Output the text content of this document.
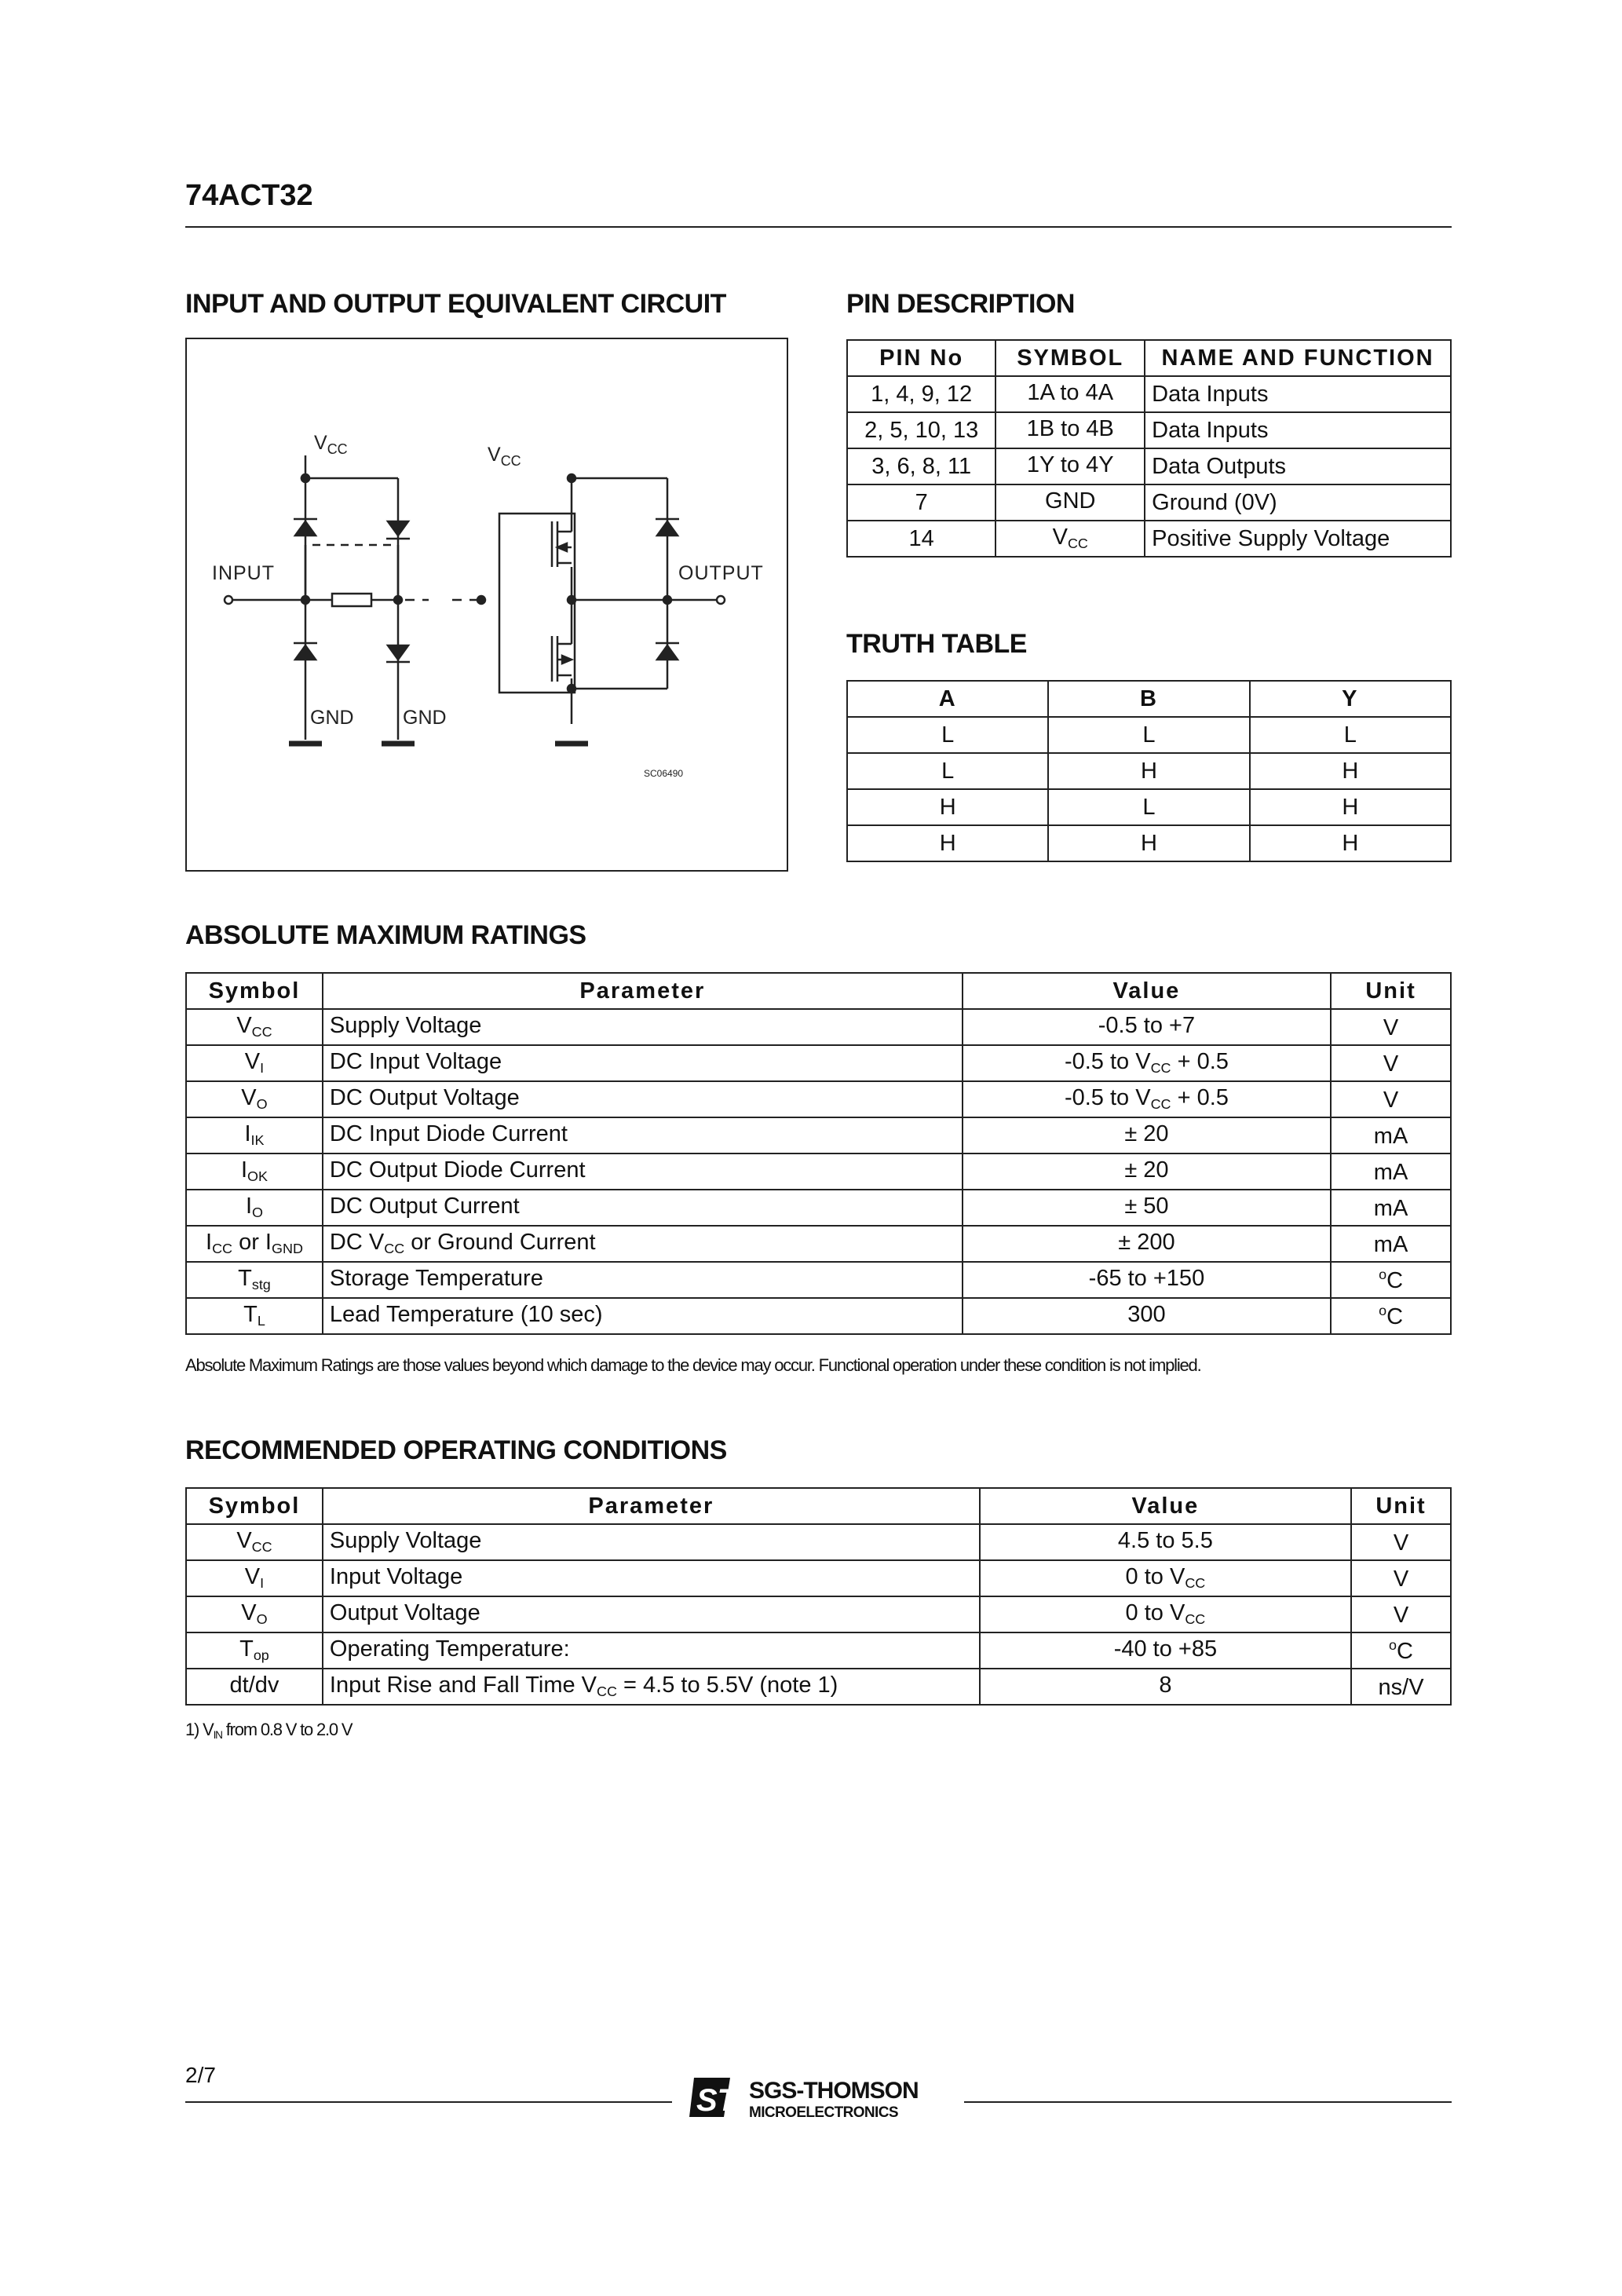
74ACT32
INPUT AND OUTPUT EQUIVALENT CIRCUIT
$V_{CC}$	$V_{CC}$
INPUT	OUTPUT
GND GND
SC06490
PIN DESCRIPTION
PIN No	SYMBOL	NAME AND FUNCTION
1, 4, 9, 12	1A to 4A	Data Inputs
2, 5, 10, 13	1B to 4B	Data Inputs
3, 6, 8, 11	1Y to 4Y	Data Outputs
7	GND	Ground (0V)
14	$V_{CC}$	Positive Supply Voltage
TRUTH TABLE
A	B	Y
L	L	L
L	H	H
H	L	H
H	H	H
ABSOLUTE MAXIMUM RATINGS
Symbol	Parameter	Value	Unit
$V_{CC}$	Supply Voltage	-0.5 to +7	V
$V_I$	DC Input Voltage	-0.5 to $V_{CC} + 0.5$	V
$V_O$	DC Output Voltage	-0.5 to $V_{CC} + 0.5$	V
$I_{IK}$	DC Input Diode Current	± 20	mA
$I_{OK}$	DC Output Diode Current	± 20	mA
$I_O$	DC Output Current	± 50	mA
$I_{CC}$ or $I_{GND}$	DC $V_{CC}$ or Ground Current	± 200	mA
$T_{stg}$	Storage Temperature	-65 to +150	$^o$C
$T_L$	Lead Temperature (10 sec)	300	$^o$C
Absolute Maximum Ratings are those values beyond which damage to the device may occur. Functional operation under these condition is not implied.
RECOMMENDED OPERATING CONDITIONS
Symbol	Parameter	Value	Unit
$V_{CC}$	Supply Voltage	4.5 to 5.5	V
$V_I$	Input Voltage	0 to $V_{CC}$	V
$V_O$	Output Voltage	0 to $V_{CC}$	V
$T_{op}$	Operating Temperature:	-40 to +85	$^o$C
dt/dv	Input Rise and Fall Time $V_{CC} = 4.5$ to 5.5V (note 1)	8	ns/V
1) $V_{IN}$ from 0.8 V to 2.0 V
2/7
ST SGS-THOMSON
MICROELECTRONICS
